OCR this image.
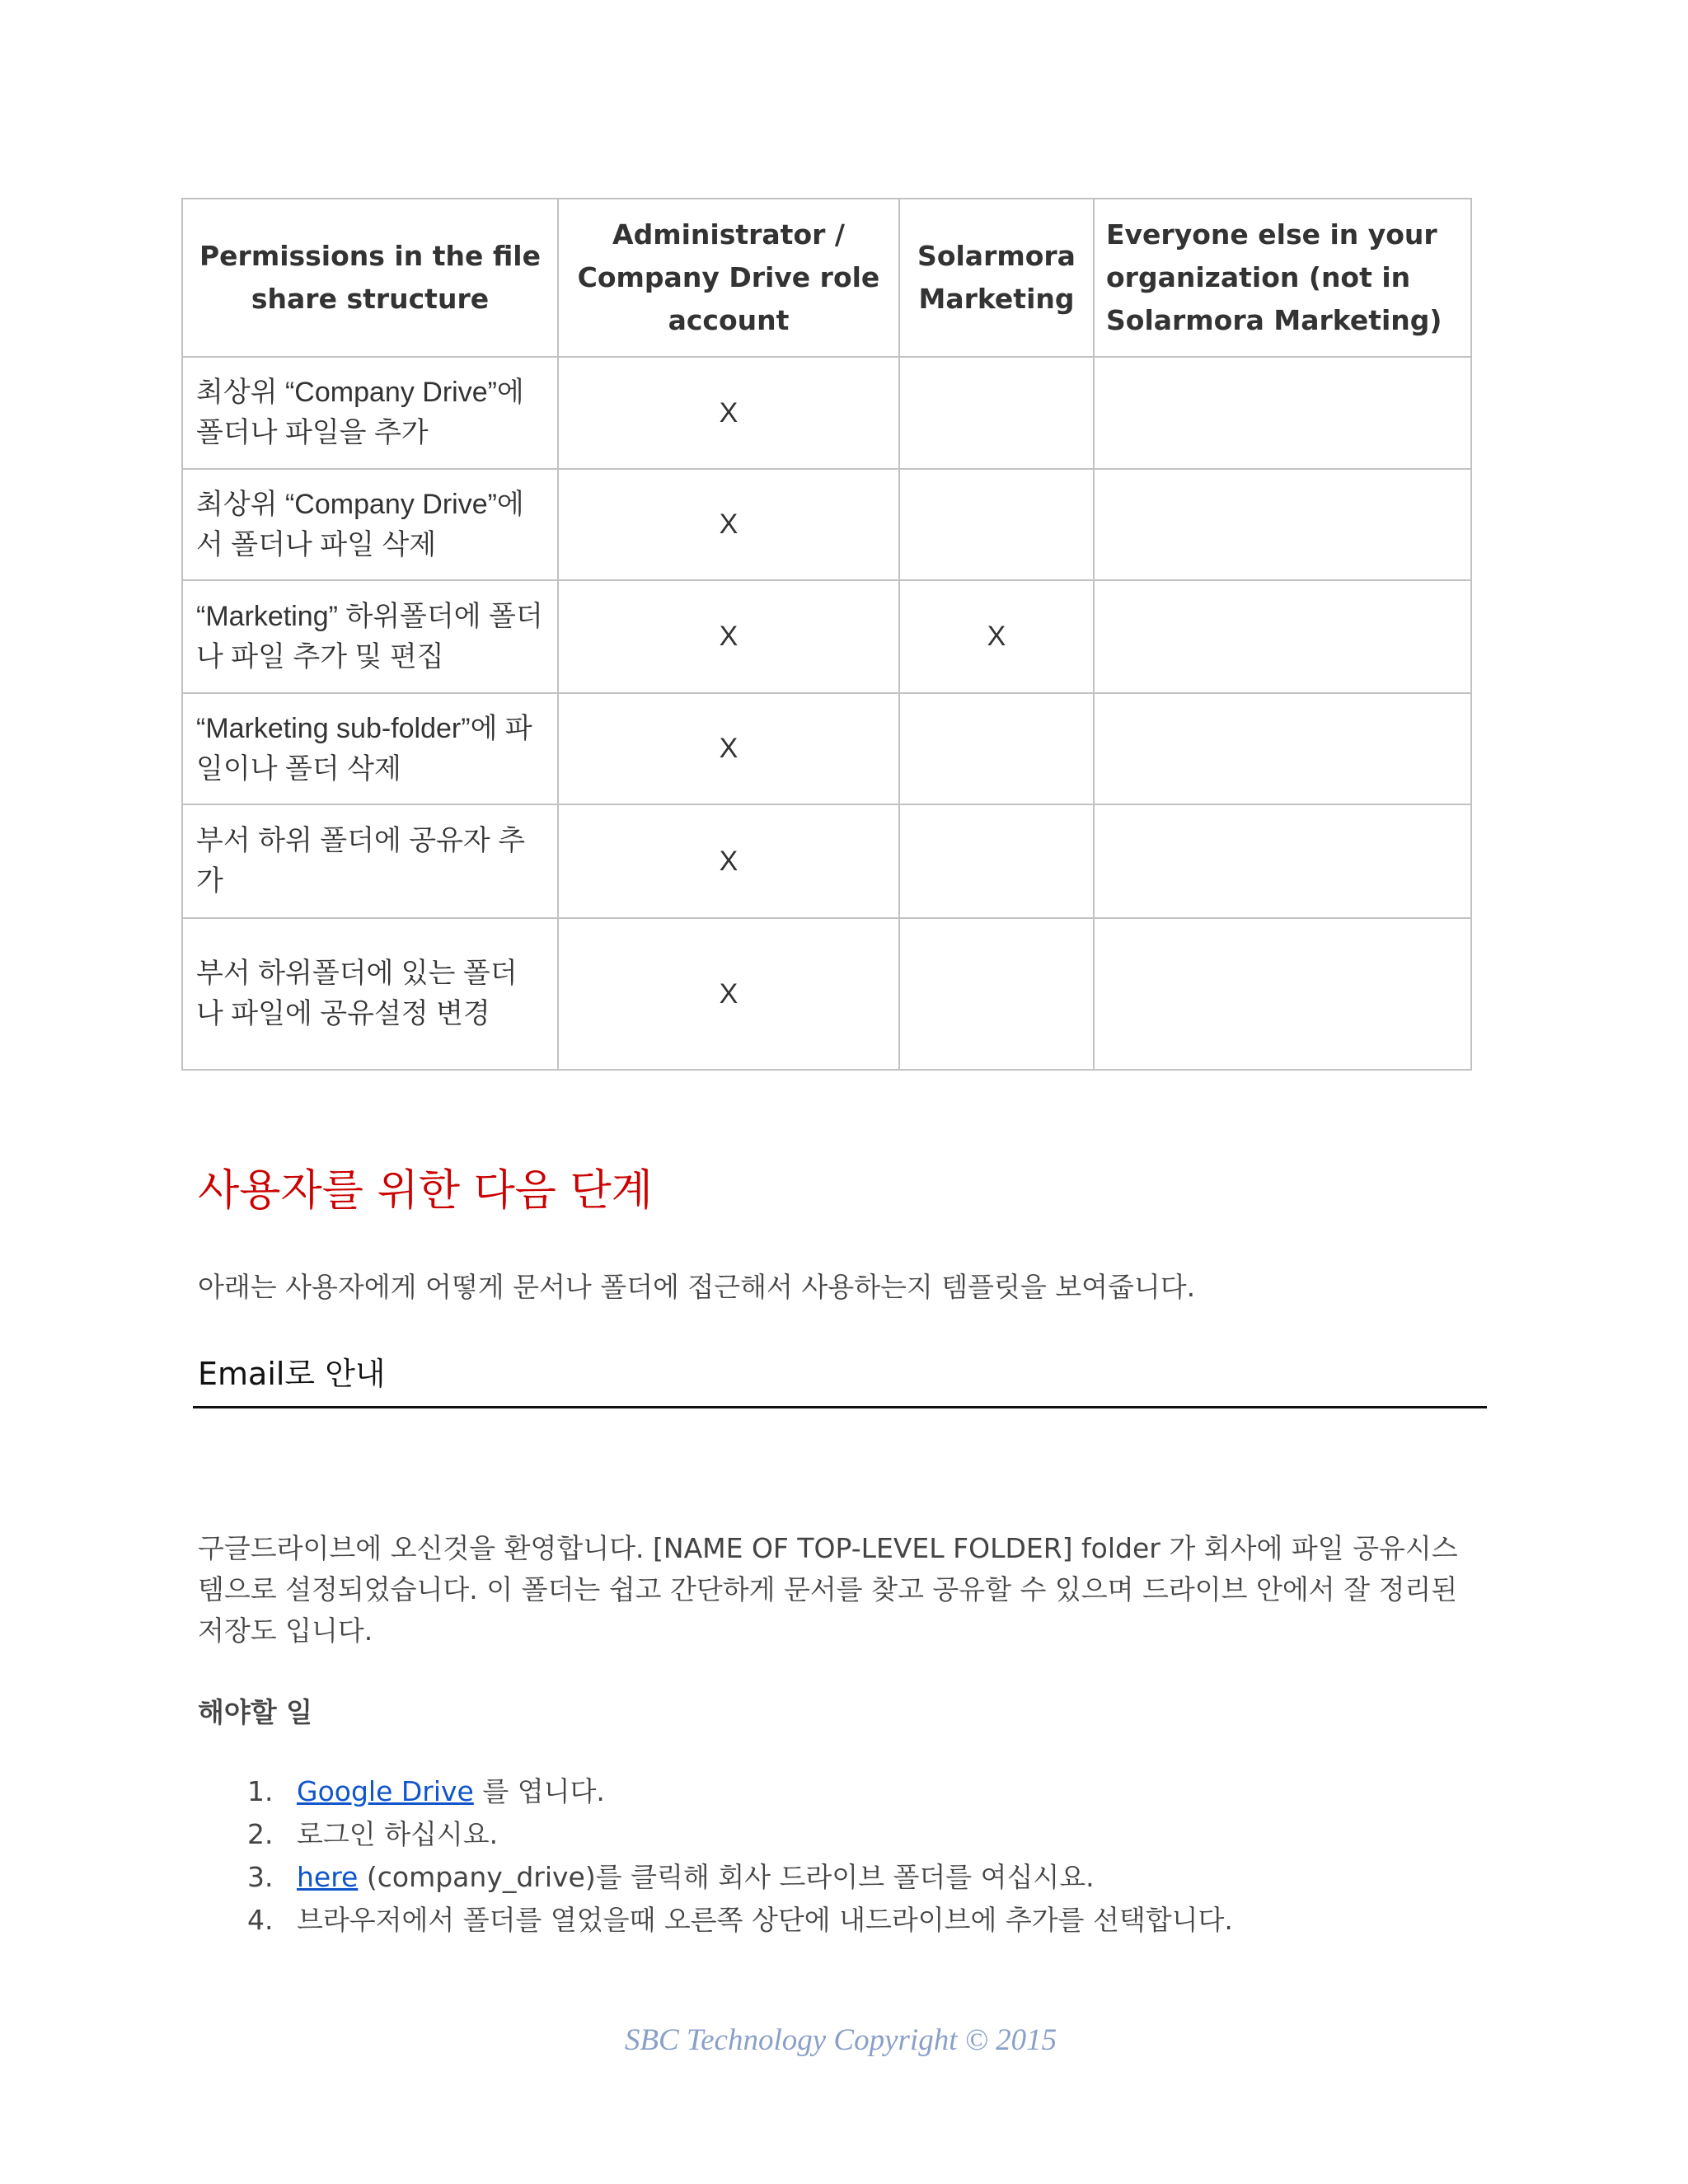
Permissions in the file share structure	Administrator / Company Drive role account	Solarmora Marketing	Everyone else in your organization (not in Solarmora Marketing)
최상위 “Company Drive”에 폴더나 파일을 추가	X		
최상위 “Company Drive”에서 폴더나 파일 삭제	X		
“Marketing” 하위폴더에 폴더나 파일 추가 및 편집	X	X	
“Marketing sub-folder”에 파일이나 폴더 삭제	X		
부서 하위 폴더에 공유자 추가	X		
부서 하위폴더에 있는 폴더나 파일에 공유설정 변경	X		
사용자를 위한 다음 단계

아래는 사용자에게 어떻게 문서나 폴더에 접근해서 사용하는지 템플릿을 보여줍니다.

Email로 안내

구글드라이브에 오신것을 환영합니다. [NAME OF TOP-LEVEL FOLDER] folder 가 회사에 파일 공유시스템으로 설정되었습니다. 이 폴더는 쉽고 간단하게 문서를 찾고 공유할 수 있으며 드라이브 안에서 잘 정리된 저장도 입니다.

해야할 일

1. Google Drive 를 엽니다.
2. 로그인 하십시요.
3. here (company_drive)를 클릭해 회사 드라이브 폴더를 여십시요.
4. 브라우저에서 폴더를 열었을때 오른쪽 상단에 내드라이브에 추가를 선택합니다.

SBC Technology Copyright © 2015
